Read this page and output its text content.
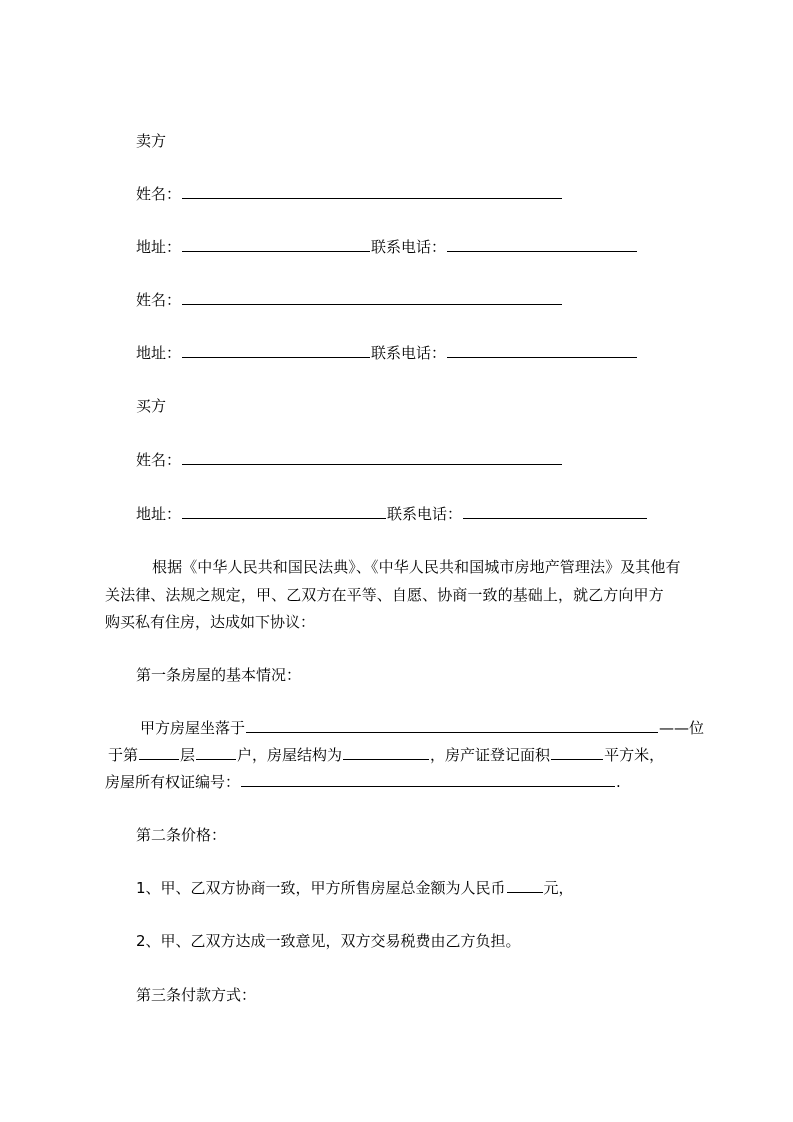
卖方
姓名：
地址：	联系电话：
姓名：
地址：	联系电话：
买方
姓名：
地址：	联系电话：
根据《中华人民共和国民法典》、《中华人民共和国城市房地产管理法》及其他有
关法律、法规之规定，甲、乙双方在平等、自愿、协商一致的基础上，就乙方向甲方
购买私有住房，达成如下协议：
第一条房屋的基本情况：
甲方房屋坐落于	——位
于第	层	户，房屋结构为	，房产证登记面积	平方米，
房屋所有权证编号：	.
第二条价格：
1、甲、乙双方协商一致，甲方所售房屋总金额为人民币	元，
2、甲、乙双方达成一致意见，双方交易税费由乙方负担。
第三条付款方式：
